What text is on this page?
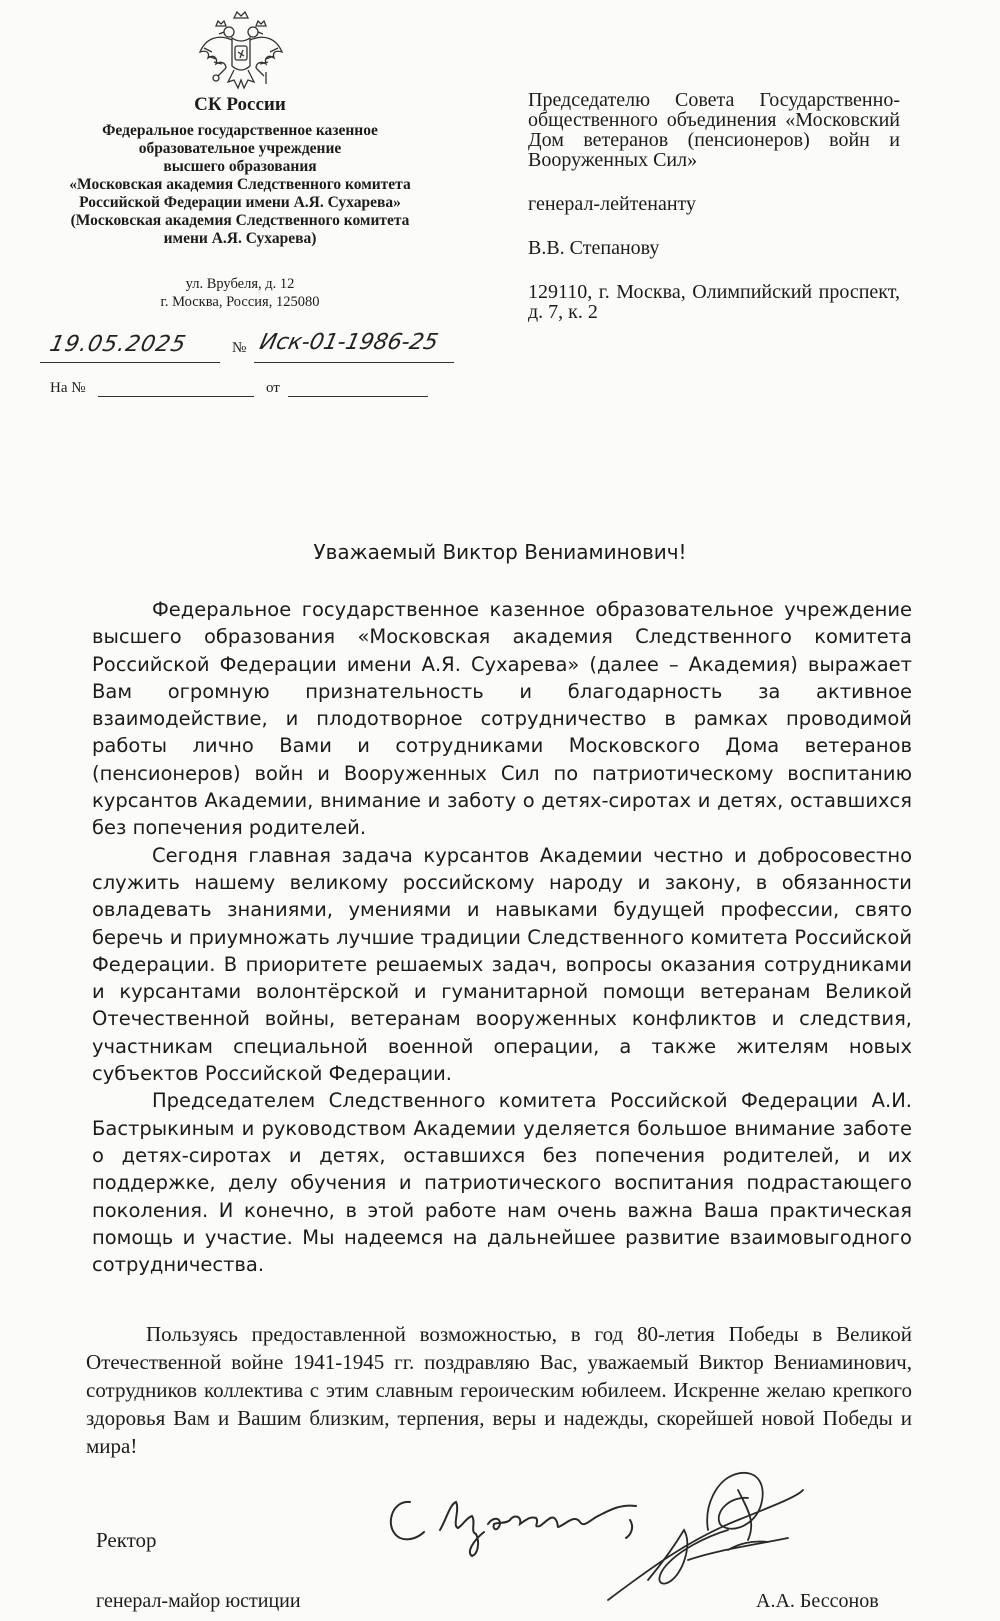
СК России
Федеральное государственное казенное
образовательное учреждение
высшего образования
«Московская академия Следственного комитета
Российской Федерации имени А.Я. Сухарева»
(Московская академия Следственного комитета
имени А.Я. Сухарева)
ул. Врубеля, д. 12
г. Москва, Россия, 125080
19.05.2025	№ Иск-01-1986-25
На №	от
Председателю Совета Государственно-общественного объединения «Московский Дом ветеранов (пенсионеров) войн и Вооруженных Сил»
генерал-лейтенанту
В.В. Степанову
129110, г. Москва, Олимпийский проспект, д. 7, к. 2
Уважаемый Виктор Вениаминович!

Федеральное государственное казенное образовательное учреждение высшего образования «Московская академия Следственного комитета Российской Федерации имени А.Я. Сухарева» (далее – Академия) выражает Вам огромную признательность и благодарность за активное взаимодействие, и плодотворное сотрудничество в рамках проводимой работы лично Вами и сотрудниками Московского Дома ветеранов (пенсионеров) войн и Вооруженных Сил по патриотическому воспитанию курсантов Академии, внимание и заботу о детях-сиротах и детях, оставшихся без попечения родителей.

Сегодня главная задача курсантов Академии честно и добросовестно служить нашему великому российскому народу и закону, в обязанности овладевать знаниями, умениями и навыками будущей профессии, свято беречь и приумножать лучшие традиции Следственного комитета Российской Федерации. В приоритете решаемых задач, вопросы оказания сотрудниками и курсантами волонтёрской и гуманитарной помощи ветеранам Великой Отечественной войны, ветеранам вооруженных конфликтов и следствия, участникам специальной военной операции, а также жителям новых субъектов Российской Федерации.

Председателем Следственного комитета Российской Федерации А.И. Бастрыкиным и руководством Академии уделяется большое внимание заботе о детях-сиротах и детях, оставшихся без попечения родителей, и их поддержке, делу обучения и патриотического воспитания подрастающего поколения. И конечно, в этой работе нам очень важна Ваша практическая помощь и участие. Мы надеемся на дальнейшее развитие взаимовыгодного сотрудничества.

Пользуясь предоставленной возможностью, в год 80-летия Победы в Великой Отечественной войне 1941-1945 гг. поздравляю Вас, уважаемый Виктор Вениаминович, сотрудников коллектива с этим славным героическим юбилеем. Искренне желаю крепкого здоровья Вам и Вашим близким, терпения, веры и надежды, скорейшей новой Победы и мира!

Ректор
генерал-майор юстиции	А.А. Бессонов
